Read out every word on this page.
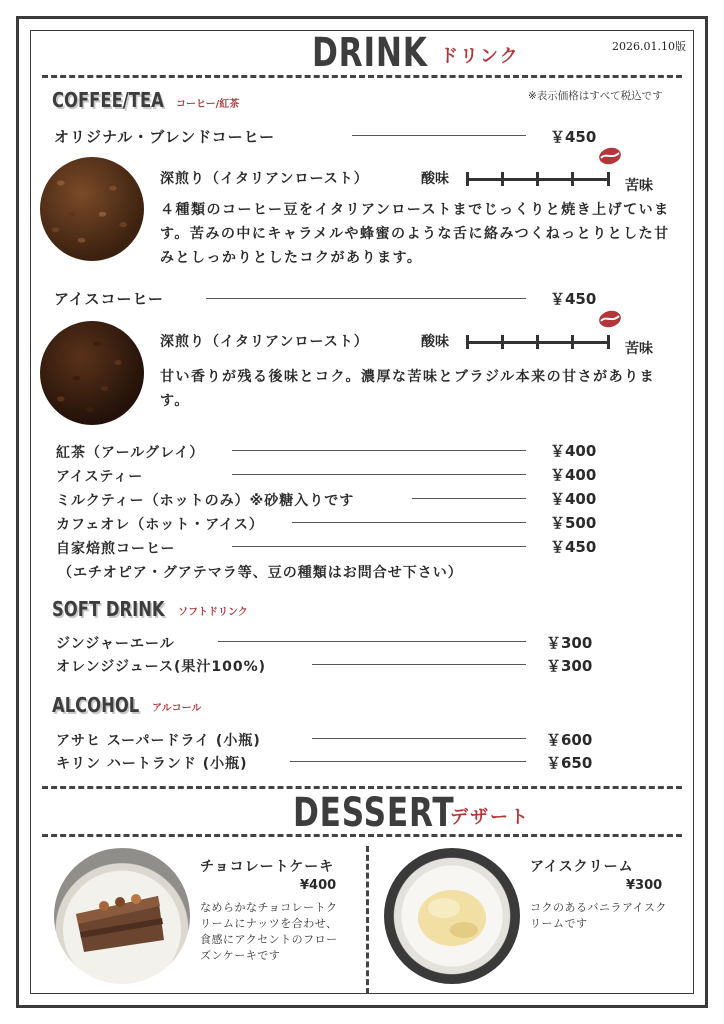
DRINK ドリンク	2026.01.10版
COFFEE/TEA コーヒー/紅茶
※表示価格はすべて税込です
オリジナル・ブレンドコーヒー	￥450
深煎り（イタリアンロースト）	酸味	苦味
４種類のコーヒー豆をイタリアンローストまでじっくりと焼き上げています。苦みの中にキャラメルや蜂蜜のような舌に絡みつくねっとりとした甘みとしっかりとしたコクがあります。
アイスコーヒー	￥450
深煎り（イタリアンロースト）	酸味	苦味
甘い香りが残る後味とコク。濃厚な苦味とブラジル本来の甘さがあります。
紅茶（アールグレイ）	￥400
アイスティー	￥400
ミルクティー（ホットのみ）※砂糖入りです	￥400
カフェオレ（ホット・アイス）	￥500
自家焙煎コーヒー	￥450
（エチオピア・グアテマラ等、豆の種類はお問合せ下さい）
SOFT DRINK ソフトドリンク
ジンジャーエール	￥300
オレンジジュース(果汁100%)	￥300
ALCOHOL アルコール
アサヒ スーパードライ (小瓶)	￥600
キリン ハートランド (小瓶)	￥650
DESSERT
デザート
チョコレートケーキ
¥400
なめらかなチョコレートクリームにナッツを合わせ、食感にアクセントのフローズンケーキです
アイスクリーム
¥300
コクのあるバニラアイスクリームです
